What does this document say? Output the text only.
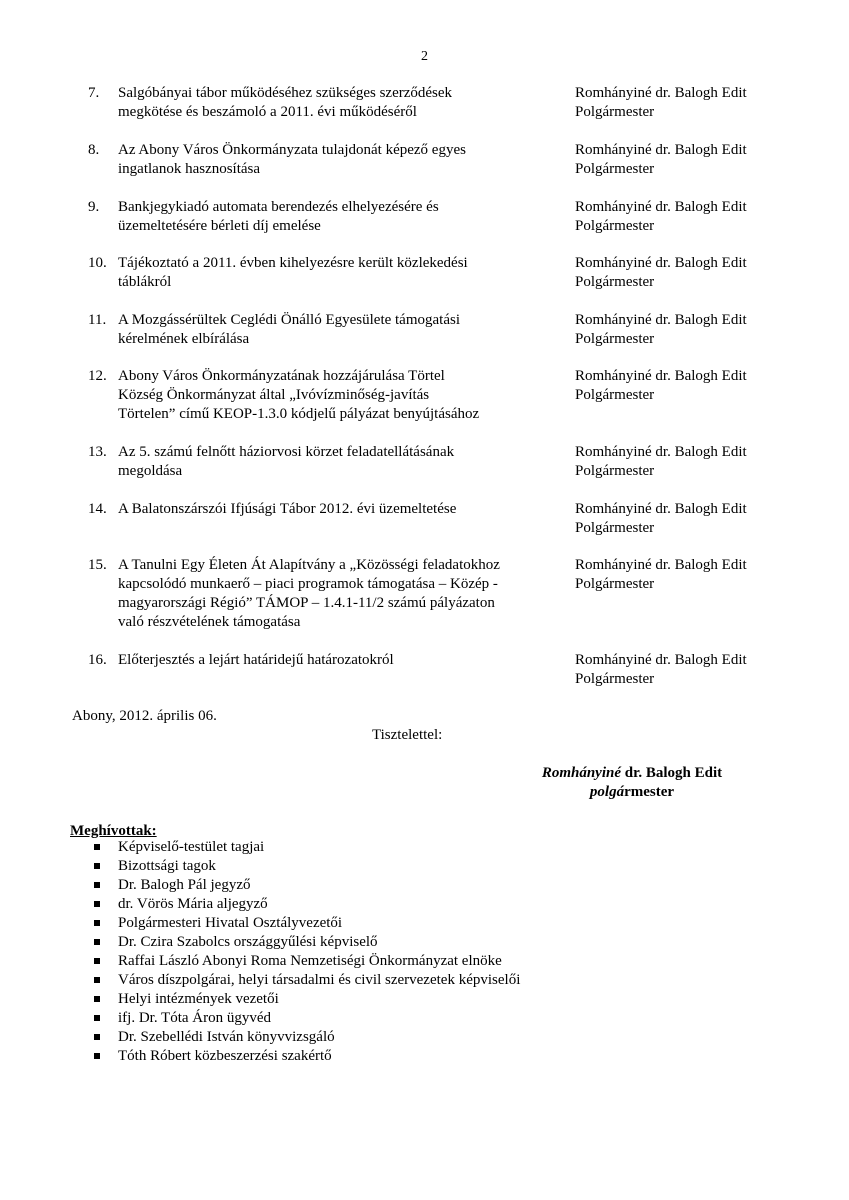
2
7.	Salgóbányai tábor működéséhez szükséges szerződések
megkötése és beszámoló a 2011. évi működéséről
Romhányiné dr. Balogh Edit
Polgármester
8.	Az Abony Város Önkormányzata tulajdonát képező egyes
ingatlanok hasznosítása
Romhányiné dr. Balogh Edit
Polgármester
9.	Bankjegykiadó automata berendezés elhelyezésére és
üzemeltetésére bérleti díj emelése
Romhányiné dr. Balogh Edit
Polgármester
10. Tájékoztató a 2011. évben kihelyezésre került közlekedési
táblákról
Romhányiné dr. Balogh Edit
Polgármester
11. A Mozgássérültek Ceglédi Önálló Egyesülete támogatási
kérelmének elbírálása
Romhányiné dr. Balogh Edit
Polgármester
12. Abony Város Önkormányzatának hozzájárulása Törtel
Község Önkormányzat által „Ivóvízminőség-javítás
Törtelen” című KEOP-1.3.0 kódjelű pályázat benyújtásához
Romhányiné dr. Balogh Edit
Polgármester
13. Az 5. számú felnőtt háziorvosi körzet feladatellátásának
megoldása
Romhányiné dr. Balogh Edit
Polgármester
14. A Balatonszárszói Ifjúsági Tábor 2012. évi üzemeltetése	Romhányiné dr. Balogh Edit
Polgármester
15. A Tanulni Egy Életen Át Alapítvány a „Közösségi feladatokhoz
kapcsolódó munkaerő – piaci programok támogatása – Közép -
magyarországi Régió” TÁMOP – 1.4.1-11/2 számú pályázaton
való részvételének támogatása
Romhányiné dr. Balogh Edit
Polgármester
16. Előterjesztés a lejárt határidejű határozatokról	Romhányiné dr. Balogh Edit
Polgármester
Abony, 2012. április 06.
Tisztelettel:
Romhányiné dr. Balogh Edit
polgármester
Meghívottak:
Képviselő-testület tagjai
Bizottsági tagok
Dr. Balogh Pál jegyző
dr. Vörös Mária aljegyző
Polgármesteri Hivatal Osztályvezetői
Dr. Czira Szabolcs országgyűlési képviselő
Raffai László Abonyi Roma Nemzetiségi Önkormányzat elnöke
Város díszpolgárai, helyi társadalmi és civil szervezetek képviselői
Helyi intézmények vezetői
ifj. Dr. Tóta Áron ügyvéd
Dr. Szebellédi István könyvvizsgáló
Tóth Róbert közbeszerzési szakértő
